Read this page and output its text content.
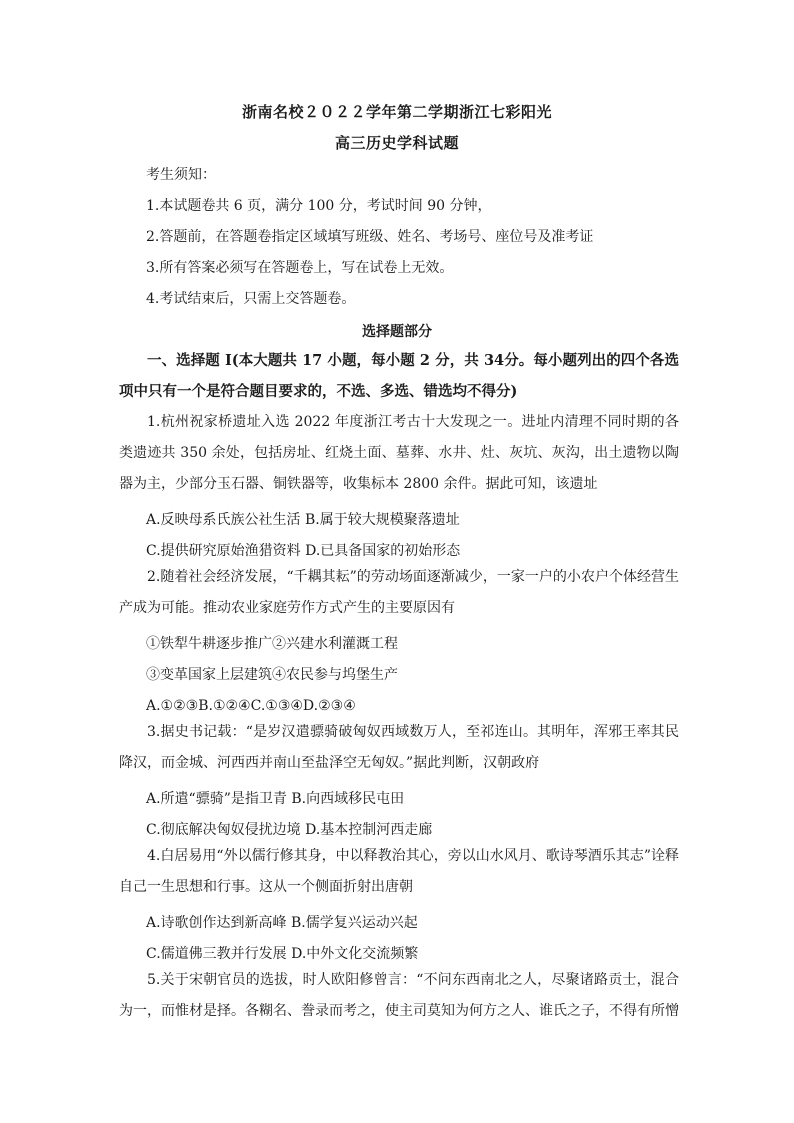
浙南名校２０２２学年第二学期浙江七彩阳光
高三历史学科试题
考生须知：
1.本试题卷共 6 页，满分 100 分，考试时间 90 分钟，
2.答题前，在答题卷指定区域填写班级、姓名、考场号、座位号及准考证
3.所有答案必须写在答题卷上，写在试卷上无效。
4.考试结束后，只需上交答题卷。
选择题部分
一、选择题 I(本大题共 17 小题，每小题 2 分，共 34分。每小题列出的四个各选项中只有一个是符合题目要求的，不选、多选、错选均不得分)
1.杭州祝家桥遗址入选 2022 年度浙江考古十大发现之一。进址内清理不同时期的各类遗迹共 350 余处，包括房址、红烧土面、墓葬、水井、灶、灰坑、灰沟，出土遗物以陶器为主，少部分玉石器、铜铁器等，收集标本 2800 余件。据此可知，该遗址
A.反映母系氏族公社生活 B.属于较大规模聚落遗址
C.提供研究原始渔猎资料 D.已具备国家的初始形态
2.随着社会经济发展，“千耦其耘”的劳动场面逐渐减少，一家一户的小农户个体经营生产成为可能。推动农业家庭劳作方式产生的主要原因有
①铁犁牛耕逐步推广②兴建水利灌溉工程
③变革国家上层建筑④农民参与坞堡生产
A.①②③B.①②④C.①③④D.②③④
3.据史书记载：“是岁汉遣骠骑破匈奴西域数万人，至祁连山。其明年，浑邪王率其民降汉，而金城、河西西并南山至盐泽空无匈奴。”据此判断，汉朝政府
A.所遣“骠骑”是指卫青 B.向西域移民屯田
C.彻底解决匈奴侵扰边境 D.基本控制河西走廊
4.白居易用“外以儒行修其身，中以释教治其心，旁以山水风月、歌诗琴酒乐其志”诠释自己一生思想和行事。这从一个侧面折射出唐朝
A.诗歌创作达到新高峰 B.儒学复兴运动兴起
C.儒道佛三教并行发展 D.中外文化交流频繁
5.关于宋朝官员的选拔，时人欧阳修曾言：“不问东西南北之人，尽聚诸路贡士，混合为一，而惟材是择。各糊名、誊录而考之，使主司莫知为何方之人、谁氏之子，不得有所憎
